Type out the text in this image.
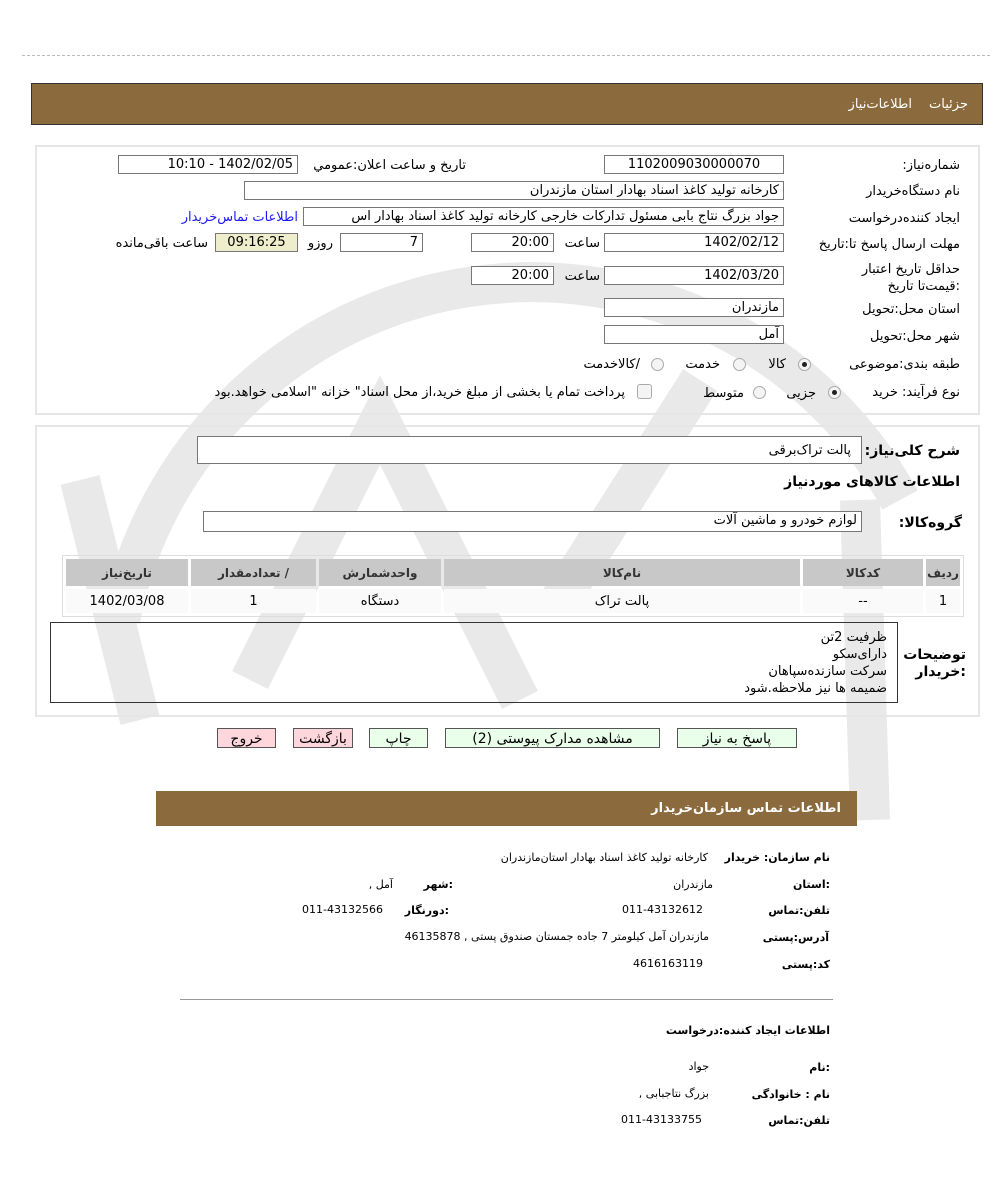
جزئیات
اطلاعات‌نیاز
شماره‌نیاز:
1102009030000070
تاریخ و ساعت اعلان:عمومي
1402/02/05 - 10:10
نام دستگاه‌خریدار
کارخانه تولید کاغذ اسناد بهادار استان مازندران
ایجاد کننده‌درخواست
جواد بزرگ نتاج بابی مسئول تدارکات خارجی کارخانه تولید کاغذ اسناد بهادار اس
اطلاعات تماس‌خریدار
مهلت ارسال پاسخ تا:تاریخ
1402/02/12
ساعت
20:00
7
روزو
09:16:25
ساعت باقی‌مانده
حداقل تاریخ اعتبار :قیمت‌تا تاریخ
1402/03/20
ساعت
20:00
استان محل:تحویل
مازندران
شهر محل:تحویل
آمل
طبقه بندی:موضوعی
کالا
خدمت
/کالاخدمت
نوع فرآیند: خرید
جزیی
متوسط
پرداخت تمام یا بخشی از مبلغ خرید،از محل اسناد" خزانه "اسلامی خواهد.بود
شرح کلی‌نیاز:
پالت تراک‌برقی
اطلاعات کالاهای موردنیاز
گروه‌کالا:
لوازم خودرو و ماشین آلات
ردیف	کدکالا	نام‌کالا	واحدشمارش	/ تعدادمقدار	تاریخ‌نیاز
1	--	پالت تراک	دستگاه	1	1402/03/08
توضیحات :خریدار
ظرفیت 2تن
دارای‌سکو
سرکت سازنده‌سپاهان
ضمیمه ها نیز ملاحظه.شود
پاسخ به نیاز
مشاهده مدارک پیوستی (2)
چاپ
بازگشت
خروج
اطلاعات تماس سازمان‌خریدار
نام سازمان: خریدار
کارخانه تولید کاغذ اسناد بهادار استان‌مازندران
:استان
مازندران
:شهر
آمل ,
تلفن:تماس
011-43132612
:دورنگار
011-43132566
آدرس:پستی
مازندران آمل کیلومتر 7 جاده جمستان صندوق پستی , 46135878
کد:پستی
4616163119
اطلاعات ایجاد کننده:درخواست
:نام
جواد
نام : خانوادگی
بزرگ نتاجبابی ,
تلفن:تماس
011-43133755
